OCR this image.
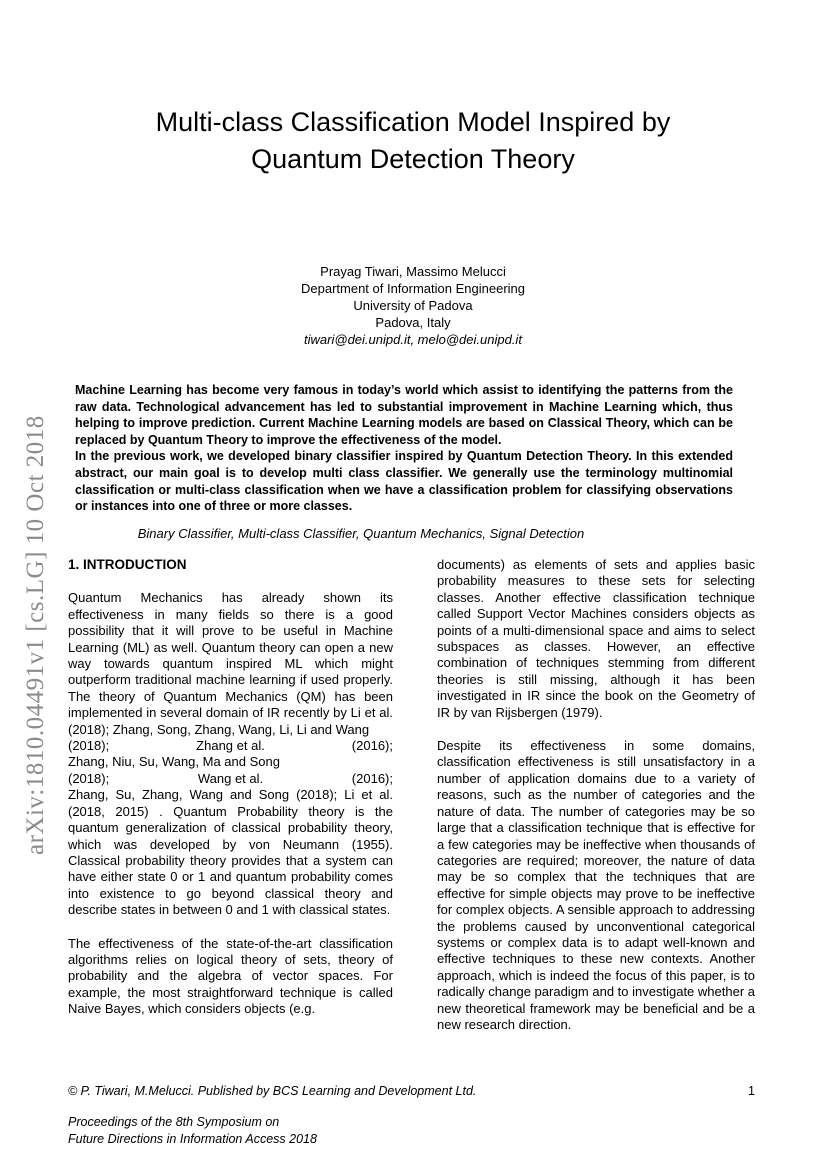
arXiv:1810.04491v1 [cs.LG] 10 Oct 2018
Multi-class Classification Model Inspired by
Quantum Detection Theory
Prayag Tiwari, Massimo Melucci
Department of Information Engineering
University of Padova
Padova, Italy
tiwari@dei.unipd.it, melo@dei.unipd.it

Machine Learning has become very famous in today’s world which assist to identifying the patterns from the raw data. Technological advancement has led to substantial improvement in Machine Learning which, thus helping to improve prediction. Current Machine Learning models are based on Classical Theory, which can be replaced by Quantum Theory to improve the effectiveness of the model.

In the previous work, we developed binary classifier inspired by Quantum Detection Theory. In this extended abstract, our main goal is to develop multi class classifier. We generally use the terminology multinomial classification or multi-class classification when we have a classification problem for classifying observations or instances into one of three or more classes.

Binary Classifier, Multi-class Classifier, Quantum Mechanics, Signal Detection
1. INTRODUCTION

Quantum Mechanics has already shown its effectiveness in many fields so there is a good possibility that it will prove to be useful in Machine Learning (ML) as well. Quantum theory can open a new way towards quantum inspired ML which might outperform traditional machine learning if used properly. The theory of Quantum Mechanics (QM) has been implemented in several domain of IR recently by Li et al. (2018); Zhang, Song, Zhang, Wang, Li, Li and Wang

(2018);	Zhang et al.	(2016);
Zhang, Niu, Su, Wang, Ma and Song
(2018);	Wang et al.	(2016);

Zhang, Su, Zhang, Wang and Song (2018); Li et al. (2018, 2015) . Quantum Probability theory is the quantum generalization of classical probability theory, which was developed by von Neumann (1955). Classical probability theory provides that a system can have either state 0 or 1 and quantum probability comes into existence to go beyond classical theory and describe states in between 0 and 1 with classical states.

The effectiveness of the state-of-the-art classification algorithms relies on logical theory of sets, theory of probability and the algebra of vector spaces. For example, the most straightforward technique is called Naive Bayes, which considers objects (e.g.

documents) as elements of sets and applies basic probability measures to these sets for selecting classes. Another effective classification technique called Support Vector Machines considers objects as points of a multi-dimensional space and aims to select subspaces as classes. However, an effective combination of techniques stemming from different theories is still missing, although it has been investigated in IR since the book on the Geometry of IR by van Rijsbergen (1979).

Despite its effectiveness in some domains, classification effectiveness is still unsatisfactory in a number of application domains due to a variety of reasons, such as the number of categories and the nature of data. The number of categories may be so large that a classification technique that is effective for a few categories may be ineffective when thousands of categories are required; moreover, the nature of data may be so complex that the techniques that are effective for simple objects may prove to be ineffective for complex objects. A sensible approach to addressing the problems caused by unconventional categorical systems or complex data is to adapt well-known and effective techniques to these new contexts. Another approach, which is indeed the focus of this paper, is to radically change paradigm and to investigate whether a new theoretical framework may be beneficial and be a new research direction.

© P. Tiwari, M.Melucci. Published by BCS Learning and Development Ltd.	1
Proceedings of the 8th Symposium on
Future Directions in Information Access 2018
